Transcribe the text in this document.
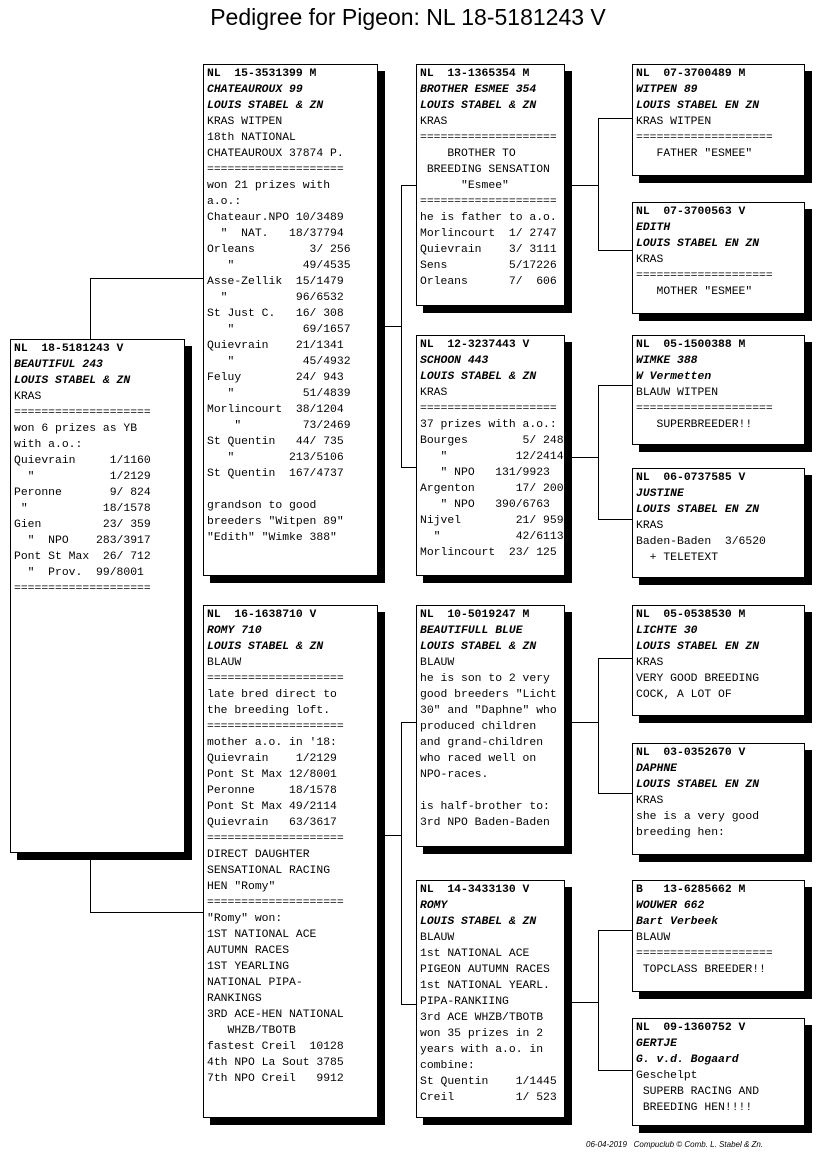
Pedigree for Pigeon: NL 18-5181243 V
NL  18-5181243 V
BEAUTIFUL 243
LOUIS STABEL & ZN
KRAS
====================
won 6 prizes as YB
with a.o.:
Quievrain     1/1160
"           1/2129
Peronne       9/ 824
"           18/1578
Gien         23/ 359
"  NPO    283/3917
Pont St Max  26/ 712
"  Prov.  99/8001
====================
NL  15-3531399 M
CHATEAUROUX 99
LOUIS STABEL & ZN
KRAS WITPEN
18th NATIONAL
CHATEAUROUX 37874 P.
====================
won 21 prizes with
a.o.:
Chateaur.NPO 10/3489
"  NAT.   18/37794
Orleans        3/ 256
"          49/4535
Asse-Zellik  15/1479
"          96/6532
St Just C.   16/ 308
"          69/1657
Quievrain    21/1341
"          45/4932
Feluy        24/ 943
"          51/4839
Morlincourt  38/1204
"         73/2469
St Quentin   44/ 735
"        213/5106
St Quentin  167/4737
grandson to good
breeders "Witpen 89"
"Edith" "Wimke 388"
NL  16-1638710 V
ROMY 710
LOUIS STABEL & ZN
BLAUW
====================
late bred direct to
the breeding loft.
====================
mother a.o. in '18:
Quievrain    1/2129
Pont St Max 12/8001
Peronne     18/1578
Pont St Max 49/2114
Quievrain   63/3617
====================
DIRECT DAUGHTER
SENSATIONAL RACING
HEN "Romy"
====================
"Romy" won:
1ST NATIONAL ACE
AUTUMN RACES
1ST YEARLING
NATIONAL PIPA-
RANKINGS
3RD ACE-HEN NATIONAL
WHZB/TBOTB
fastest Creil  10128
4th NPO La Sout 3785
7th NPO Creil   9912
NL  13-1365354 M
BROTHER ESMEE 354
LOUIS STABEL & ZN
KRAS
====================
BROTHER TO
BREEDING SENSATION
"Esmee"
====================
he is father to a.o.
Morlincourt  1/ 2747
Quievrain    3/ 3111
Sens         5/17226
Orleans      7/  606
NL  12-3237443 V
SCHOON 443
LOUIS STABEL & ZN
KRAS
====================
37 prizes with a.o.:
Bourges        5/ 248
"          12/2414
" NPO   131/9923
Argenton      17/ 200
" NPO   390/6763
Nijvel        21/ 959
"           42/6113
Morlincourt  23/ 125
NL  10-5019247 M
BEAUTIFULL BLUE
LOUIS STABEL & ZN
BLAUW
he is son to 2 very
good breeders "Licht
30" and "Daphne" who
produced children
and grand-children
who raced well on
NPO-races.
is half-brother to:
3rd NPO Baden-Baden
NL  14-3433130 V
ROMY
LOUIS STABEL & ZN
BLAUW
1st NATIONAL ACE
PIGEON AUTUMN RACES
1st NATIONAL YEARL.
PIPA-RANKIING
3rd ACE WHZB/TBOTB
won 35 prizes in 2
years with a.o. in
combine:
St Quentin    1/1445
Creil         1/ 523
NL  07-3700489 M
WITPEN 89
LOUIS STABEL EN ZN
KRAS WITPEN
====================
FATHER "ESMEE"
NL  07-3700563 V
EDITH
LOUIS STABEL EN ZN
KRAS
====================
MOTHER "ESMEE"
NL  05-1500388 M
WIMKE 388
W Vermetten
BLAUW WITPEN
====================
SUPERBREEDER!!
NL  06-0737585 V
JUSTINE
LOUIS STABEL EN ZN
KRAS
Baden-Baden  3/6520
+ TELETEXT
NL  05-0538530 M
LICHTE 30
LOUIS STABEL EN ZN
KRAS
VERY GOOD BREEDING
COCK, A LOT OF
NL  03-0352670 V
DAPHNE
LOUIS STABEL EN ZN
KRAS
she is a very good
breeding hen:
B   13-6285662 M
WOUWER 662
Bart Verbeek
BLAUW
====================
TOPCLASS BREEDER!!
NL  09-1360752 V
GERTJE
G. v.d. Bogaard
Geschelpt
SUPERB RACING AND
BREEDING HEN!!!!
06-04-2019   Compuclub © Comb. L. Stabel & Zn.
